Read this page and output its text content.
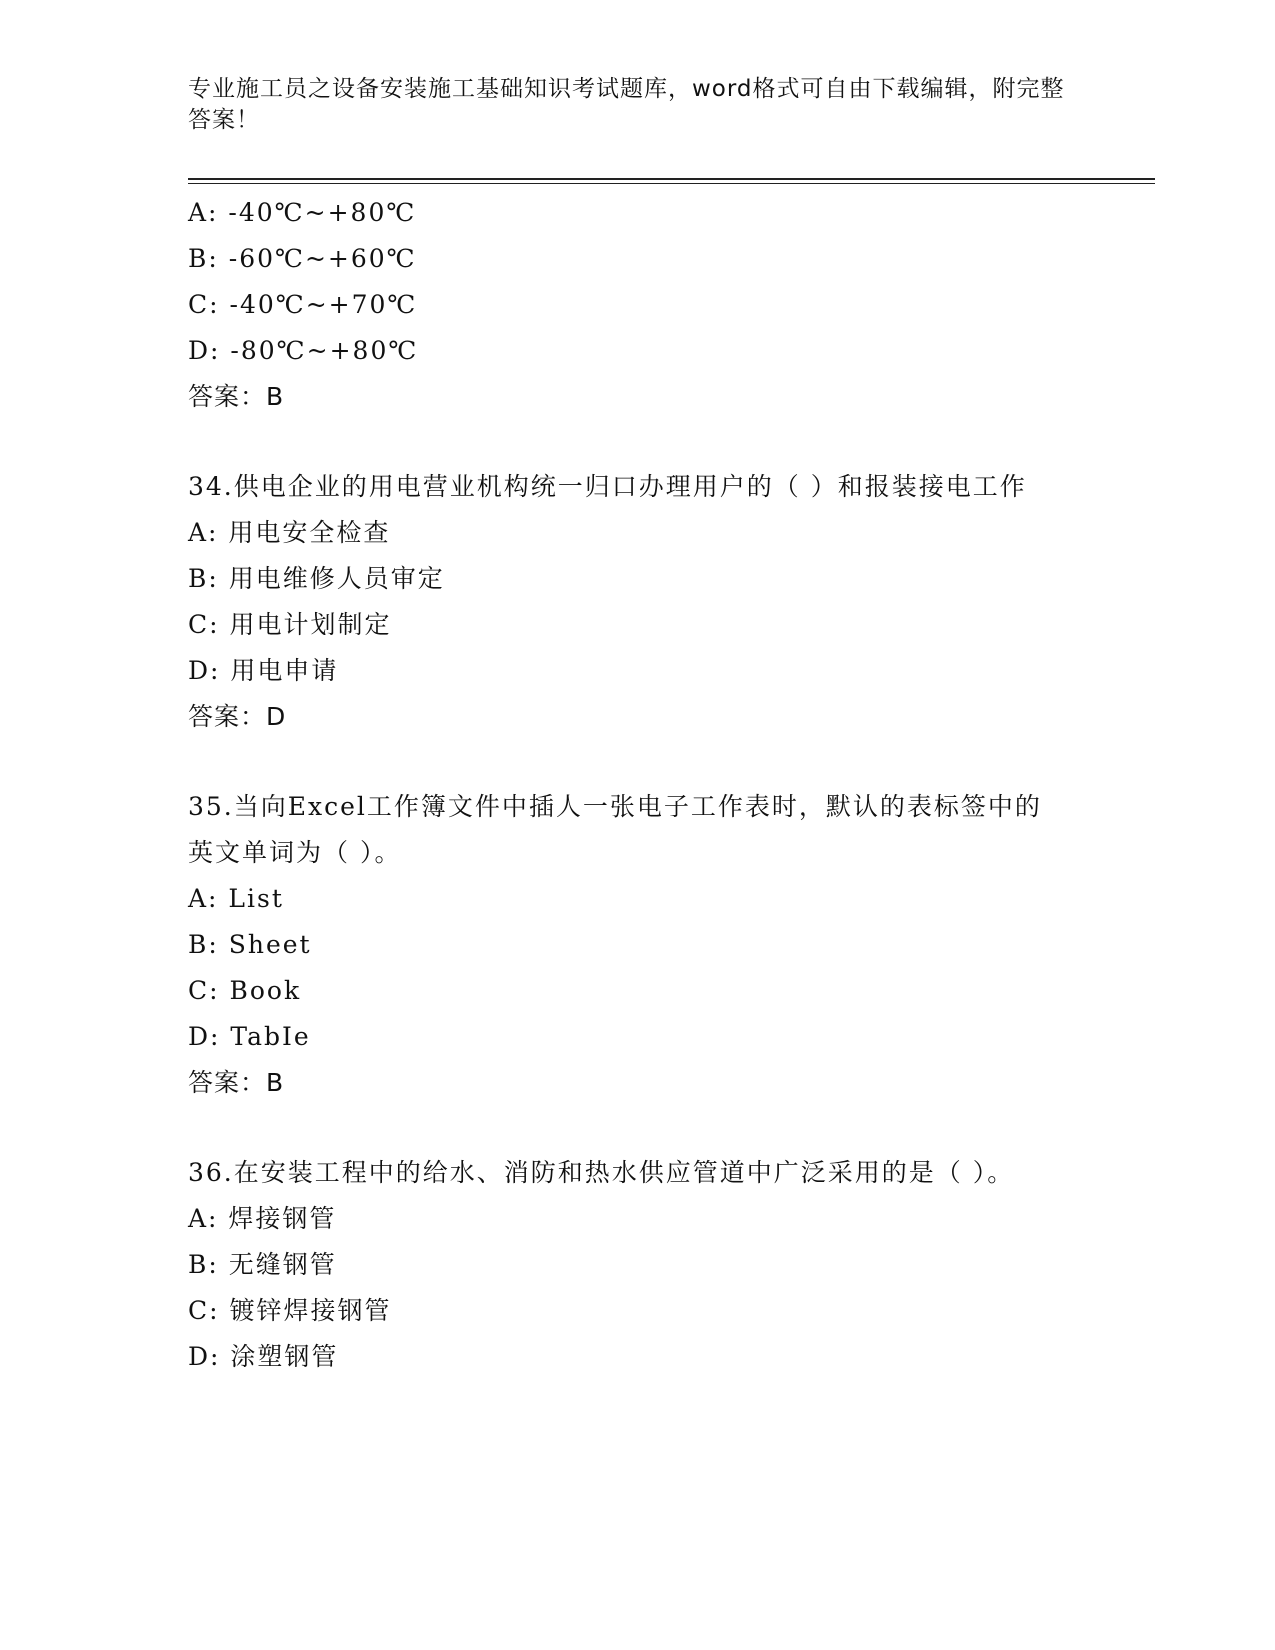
专业施工员之设备安装施工基础知识考试题库，word格式可自由下载编辑，附完整答案！
A: -40℃~+80℃
B: -60℃~+60℃
C: -40℃~+70℃
D: -80℃~+80℃
答案：B
34.供电企业的用电营业机构统一归口办理用户的（ ）和报装接电工作
A: 用电安全检查
B: 用电维修人员审定
C: 用电计划制定
D: 用电申请
答案：D
35.当向Excel工作簿文件中插人一张电子工作表时，默认的表标签中的英文单词为（ ）。
A: List
B: Sheet
C: Book
D: TabIe
答案：B
36.在安装工程中的给水、消防和热水供应管道中广泛采用的是（ ）。
A: 焊接钢管
B: 无缝钢管
C: 镀锌焊接钢管
D: 涂塑钢管
